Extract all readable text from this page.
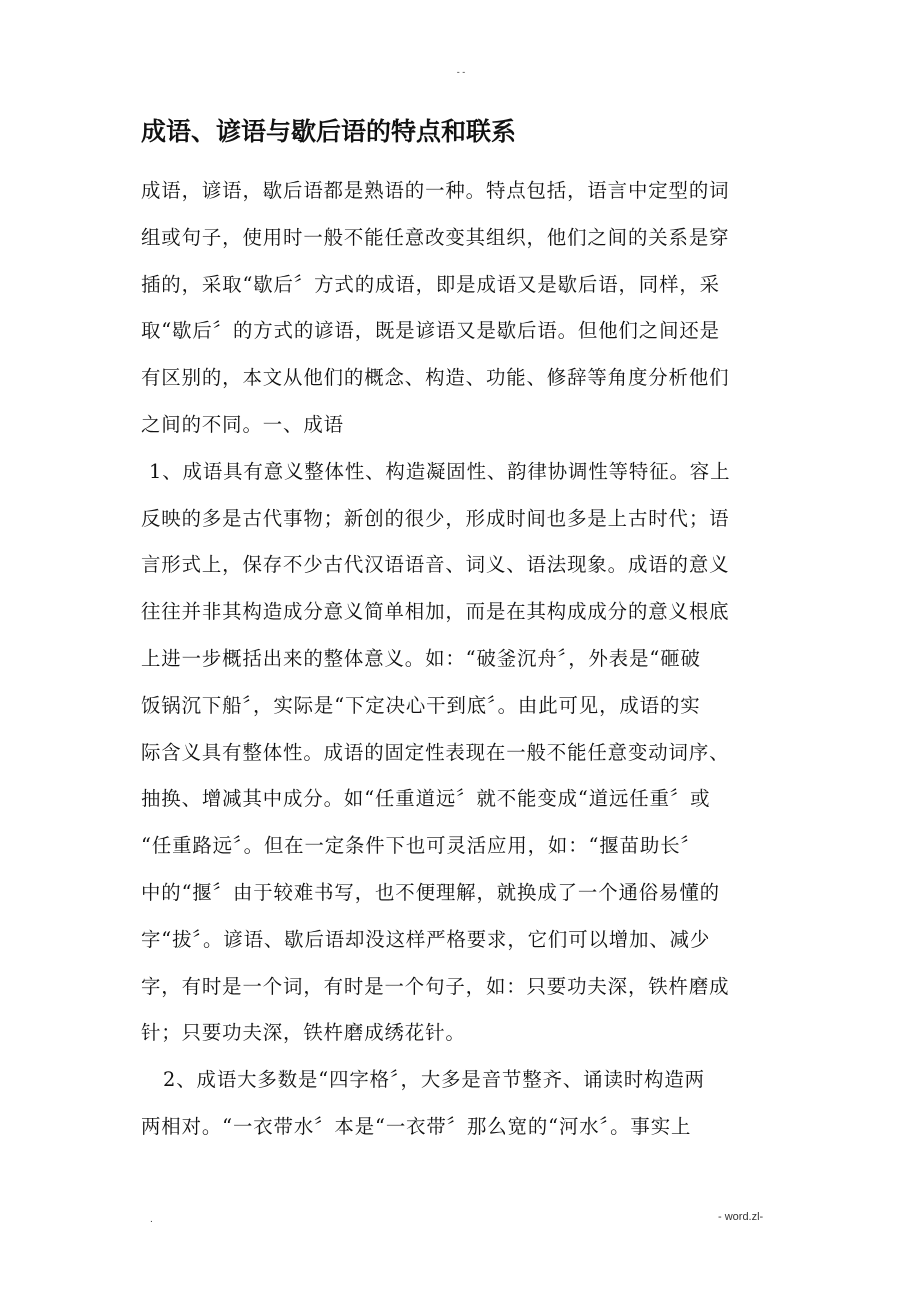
- -
成语、谚语与歇后语的特点和联系

成语，谚语，歇后语都是熟语的一种。特点包括，语言中定型的词
组或句子，使用时一般不能任意改变其组织，他们之间的关系是穿
插的，采取“歇后〞方式的成语，即是成语又是歇后语，同样，采
取“歇后〞的方式的谚语，既是谚语又是歇后语。但他们之间还是
有区别的，本文从他们的概念、构造、功能、修辞等角度分析他们
之间的不同。一、成语

1、成语具有意义整体性、构造凝固性、韵律协调性等特征。容上
反映的多是古代事物；新创的很少，形成时间也多是上古时代；语
言形式上，保存不少古代汉语语音、词义、语法现象。成语的意义
往往并非其构造成分意义简单相加，而是在其构成成分的意义根底
上进一步概括出来的整体意义。如：“破釜沉舟〞，外表是“砸破
饭锅沉下船〞，实际是“下定决心干到底〞。由此可见，成语的实
际含义具有整体性。成语的固定性表现在一般不能任意变动词序、
抽换、增减其中成分。如“任重道远〞就不能变成“道远任重〞或
“任重路远〞。但在一定条件下也可灵活应用，如：“揠苗助长〞
中的“揠〞由于较难书写，也不便理解，就换成了一个通俗易懂的
字“拔〞。谚语、歇后语却没这样严格要求，它们可以增加、减少
字，有时是一个词，有时是一个句子，如：只要功夫深，铁杵磨成
针；只要功夫深，铁杵磨成绣花针。

2、成语大多数是“四字格〞，大多是音节整齐、诵读时构造两
两相对。“一衣带水〞本是“一衣带〞那么宽的“河水〞。事实上

.	- word.zl-
